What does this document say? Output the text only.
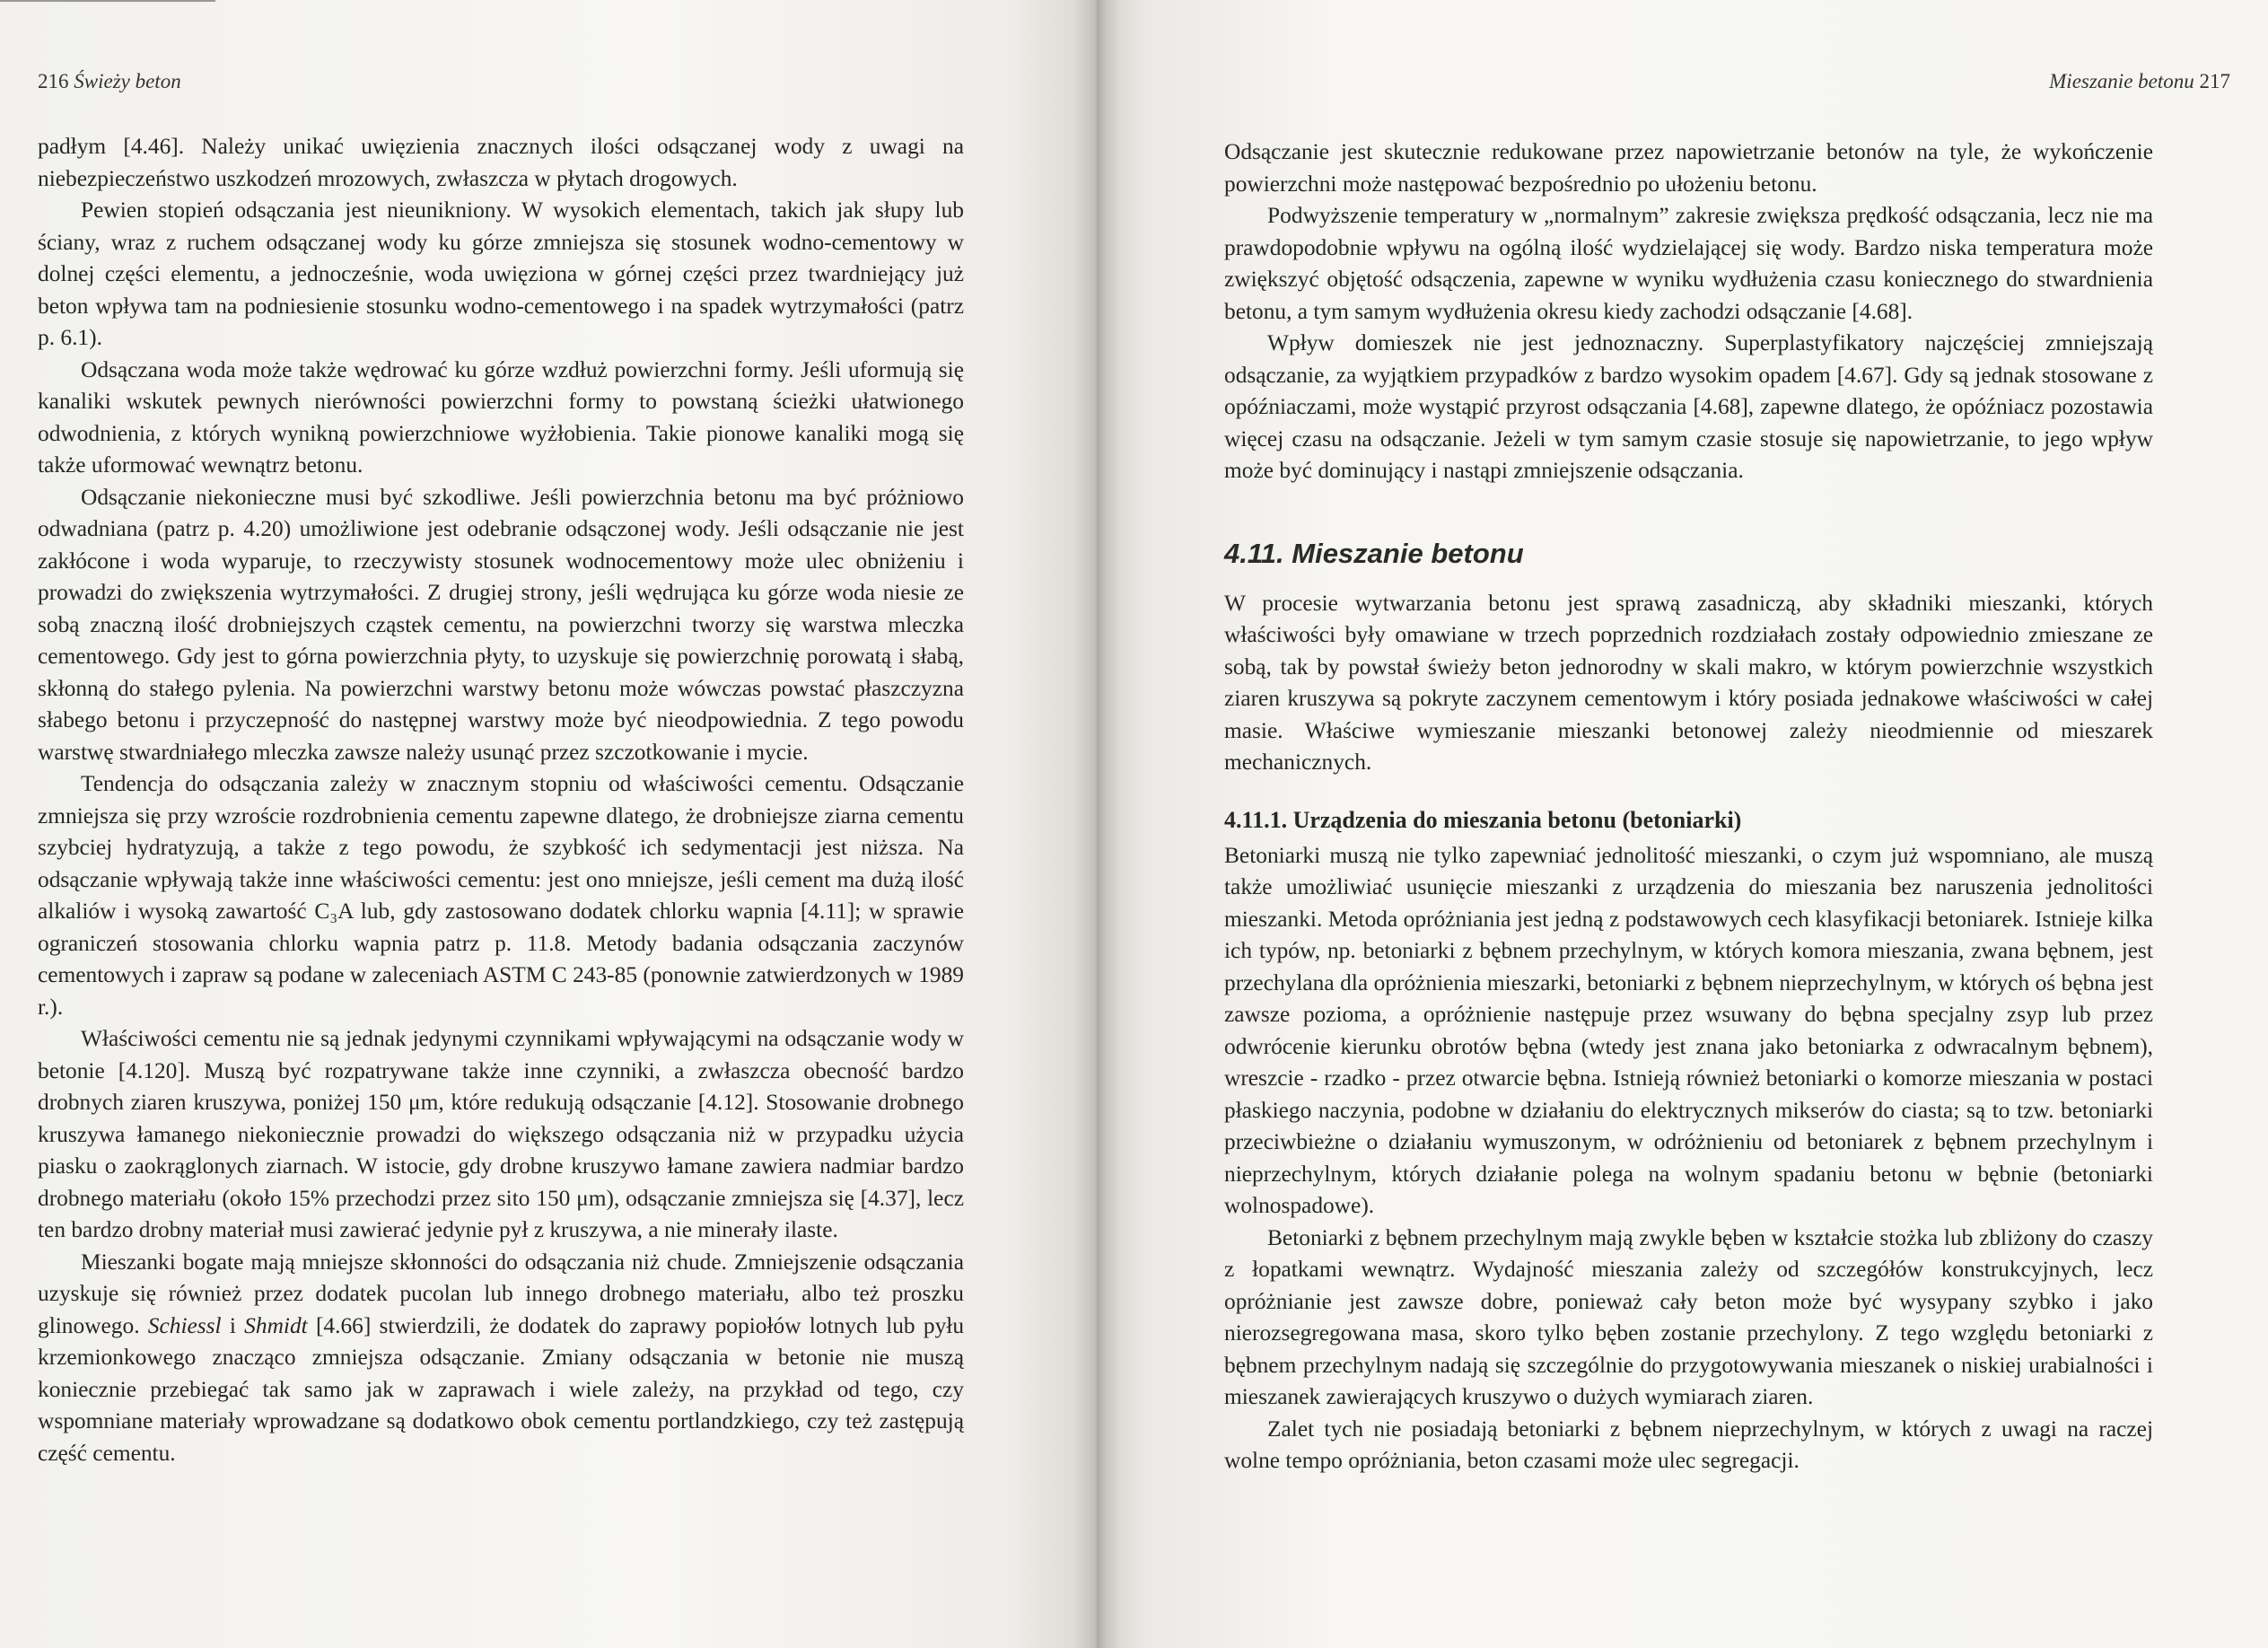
216 Świeży beton

padłym [4.46]. Należy unikać uwięzienia znacznych ilości odsączanej wody z uwagi na niebezpieczeństwo uszkodzeń mrozowych, zwłaszcza w płytach drogowych.

Pewien stopień odsączania jest nieunikniony. W wysokich elementach, takich jak słupy lub ściany, wraz z ruchem odsączanej wody ku górze zmniejsza się stosunek wodno-cementowy w dolnej części elementu, a jednocześnie, woda uwięziona w górnej części przez twardniejący już beton wpływa tam na podniesienie stosunku wodno-cementowego i na spadek wytrzymałości (patrz p. 6.1).

Odsączana woda może także wędrować ku górze wzdłuż powierzchni formy. Jeśli uformują się kanaliki wskutek pewnych nierówności powierzchni formy to powstaną ścieżki ułatwionego odwodnienia, z których wynikną powierzchniowe wyżłobienia. Takie pionowe kanaliki mogą się także uformować wewnątrz betonu.

Odsączanie niekonieczne musi być szkodliwe. Jeśli powierzchnia betonu ma być próżniowo odwadniana (patrz p. 4.20) umożliwione jest odebranie odsączonej wody. Jeśli odsączanie nie jest zakłócone i woda wyparuje, to rzeczywisty stosunek wodnocementowy może ulec obniżeniu i prowadzi do zwiększenia wytrzymałości. Z drugiej strony, jeśli wędrująca ku górze woda niesie ze sobą znaczną ilość drobniejszych cząstek cementu, na powierzchni tworzy się warstwa mleczka cementowego. Gdy jest to górna powierzchnia płyty, to uzyskuje się powierzchnię porowatą i słabą, skłonną do stałego pylenia. Na powierzchni warstwy betonu może wówczas powstać płaszczyzna słabego betonu i przyczepność do następnej warstwy może być nieodpowiednia. Z tego powodu warstwę stwardniałego mleczka zawsze należy usunąć przez szczotkowanie i mycie.

Tendencja do odsączania zależy w znacznym stopniu od właściwości cementu. Odsączanie zmniejsza się przy wzroście rozdrobnienia cementu zapewne dlatego, że drobniejsze ziarna cementu szybciej hydratyzują, a także z tego powodu, że szybkość ich sedymentacji jest niższa. Na odsączanie wpływają także inne właściwości cementu: jest ono mniejsze, jeśli cement ma dużą ilość alkaliów i wysoką zawartość C₃A lub, gdy zastosowano dodatek chlorku wapnia [4.11]; w sprawie ograniczeń stosowania chlorku wapnia patrz p. 11.8. Metody badania odsączania zaczynów cementowych i zapraw są podane w zaleceniach ASTM C 243-85 (ponownie zatwierdzonych w 1989 r.).

Właściwości cementu nie są jednak jedynymi czynnikami wpływającymi na odsączanie wody w betonie [4.120]. Muszą być rozpatrywane także inne czynniki, a zwłaszcza obecność bardzo drobnych ziaren kruszywa, poniżej 150 μm, które redukują odsączanie [4.12]. Stosowanie drobnego kruszywa łamanego niekoniecznie prowadzi do większego odsączania niż w przypadku użycia piasku o zaokrąglonych ziarnach. W istocie, gdy drobne kruszywo łamane zawiera nadmiar bardzo drobnego materiału (około 15% przechodzi przez sito 150 μm), odsączanie zmniejsza się [4.37], lecz ten bardzo drobny materiał musi zawierać jedynie pył z kruszywa, a nie minerały ilaste.

Mieszanki bogate mają mniejsze skłonności do odsączania niż chude. Zmniejszenie odsączania uzyskuje się również przez dodatek pucolan lub innego drobnego materiału, albo też proszku glinowego. Schiessl i Shmidt [4.66] stwierdzili, że dodatek do zaprawy popiołów lotnych lub pyłu krzemionkowego znacząco zmniejsza odsączanie. Zmiany odsączania w betonie nie muszą koniecznie przebiegać tak samo jak w zaprawach i wiele zależy, na przykład od tego, czy wspomniane materiały wprowadzane są dodatkowo obok cementu portlandzkiego, czy też zastępują część cementu.

Mieszanie betonu 217

Odsączanie jest skutecznie redukowane przez napowietrzanie betonów na tyle, że wykończenie powierzchni może następować bezpośrednio po ułożeniu betonu.

Podwyższenie temperatury w „normalnym” zakresie zwiększa prędkość odsączania, lecz nie ma prawdopodobnie wpływu na ogólną ilość wydzielającej się wody. Bardzo niska temperatura może zwiększyć objętość odsączenia, zapewne w wyniku wydłużenia czasu koniecznego do stwardnienia betonu, a tym samym wydłużenia okresu kiedy zachodzi odsączanie [4.68].

Wpływ domieszek nie jest jednoznaczny. Superplastyfikatory najczęściej zmniejszają odsączanie, za wyjątkiem przypadków z bardzo wysokim opadem [4.67]. Gdy są jednak stosowane z opóźniaczami, może wystąpić przyrost odsączania [4.68], zapewne dlatego, że opóźniacz pozostawia więcej czasu na odsączanie. Jeżeli w tym samym czasie stosuje się napowietrzanie, to jego wpływ może być dominujący i nastąpi zmniejszenie odsączania.

4.11. Mieszanie betonu

W procesie wytwarzania betonu jest sprawą zasadniczą, aby składniki mieszanki, których właściwości były omawiane w trzech poprzednich rozdziałach zostały odpowiednio zmieszane ze sobą, tak by powstał świeży beton jednorodny w skali makro, w którym powierzchnie wszystkich ziaren kruszywa są pokryte zaczynem cementowym i który posiada jednakowe właściwości w całej masie. Właściwe wymieszanie mieszanki betonowej zależy nieodmiennie od mieszarek mechanicznych.

4.11.1. Urządzenia do mieszania betonu (betoniarki)

Betoniarki muszą nie tylko zapewniać jednolitość mieszanki, o czym już wspomniano, ale muszą także umożliwiać usunięcie mieszanki z urządzenia do mieszania bez naruszenia jednolitości mieszanki. Metoda opróżniania jest jedną z podstawowych cech klasyfikacji betoniarek. Istnieje kilka ich typów, np. betoniarki z bębnem przechylnym, w których komora mieszania, zwana bębnem, jest przechylana dla opróżnienia mieszarki, betoniarki z bębnem nieprzechylnym, w których oś bębna jest zawsze pozioma, a opróżnienie następuje przez wsuwany do bębna specjalny zsyp lub przez odwrócenie kierunku obrotów bębna (wtedy jest znana jako betoniarka z odwracalnym bębnem), wreszcie - rzadko - przez otwarcie bębna. Istnieją również betoniarki o komorze mieszania w postaci płaskiego naczynia, podobne w działaniu do elektrycznych mikserów do ciasta; są to tzw. betoniarki przeciwbieżne o działaniu wymuszonym, w odróżnieniu od betoniarek z bębnem przechylnym i nieprzechylnym, których działanie polega na wolnym spadaniu betonu w bębnie (betoniarki wolnospadowe).

Betoniarki z bębnem przechylnym mają zwykle bęben w kształcie stożka lub zbliżony do czaszy z łopatkami wewnątrz. Wydajność mieszania zależy od szczegółów konstrukcyjnych, lecz opróżnianie jest zawsze dobre, ponieważ cały beton może być wysypany szybko i jako nierozsegregowana masa, skoro tylko bęben zostanie przechylony. Z tego względu betoniarki z bębnem przechylnym nadają się szczególnie do przygotowywania mieszanek o niskiej urabialności i mieszanek zawierających kruszywo o dużych wymiarach ziaren.

Zalet tych nie posiadają betoniarki z bębnem nieprzechylnym, w których z uwagi na raczej wolne tempo opróżniania, beton czasami może ulec segregacji.
